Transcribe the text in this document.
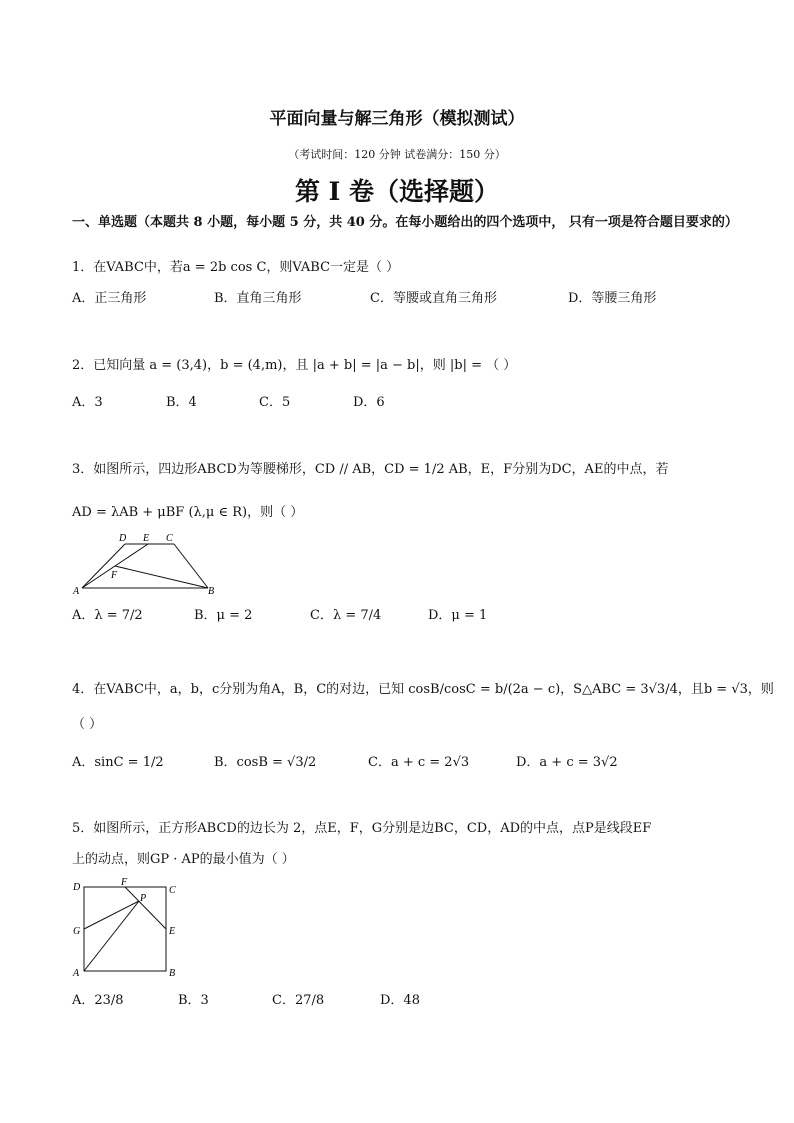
平面向量与解三角形（模拟测试）
（考试时间：120 分钟 试卷满分：150 分）
第 I 卷（选择题）
一、单选题（本题共 8 小题，每小题 5 分，共 40 分。在每小题给出的四个选项中， 只有一项是符合题目要求的）
1．在VABC中，若a = 2b cos C，则VABC一定是（ ）
A．正三角形	B．直角三角形	C．等腰或直角三角形	D．等腰三角形
2．已知向量 a = (3,4)，b = (4,m)，且 |a + b| = |a − b|，则 |b| = （ ）
A．3	B．4	C．5	D．6
3．如图所示，四边形ABCD为等腰梯形，CD // AB，CD = 1/2 AB，E，F分别为DC，AE的中点，若
AD = λAB + μBF (λ,μ ∈ R)，则（ ）
D E C
F
A	B
A．λ = 7/2	B．μ = 2	C．λ = 7/4	D．μ = 1
4．在VABC中，a，b，c分别为角A，B，C的对边，已知 cosB/cosC = b/(2a − c)，S△ABC = 3√3/4，且b = √3，则
（ ）
A．sinC = 1/2	B．cosB = √3/2	C．a + c = 2√3	D．a + c = 3√2
5．如图所示，正方形ABCD的边长为 2，点E，F，G分别是边BC，CD，AD的中点，点P是线段EF
上的动点，则GP · AP的最小值为（ ）
D	F
C
P
G	E
A	B
A．23/8	B．3	C．27/8	D．48
